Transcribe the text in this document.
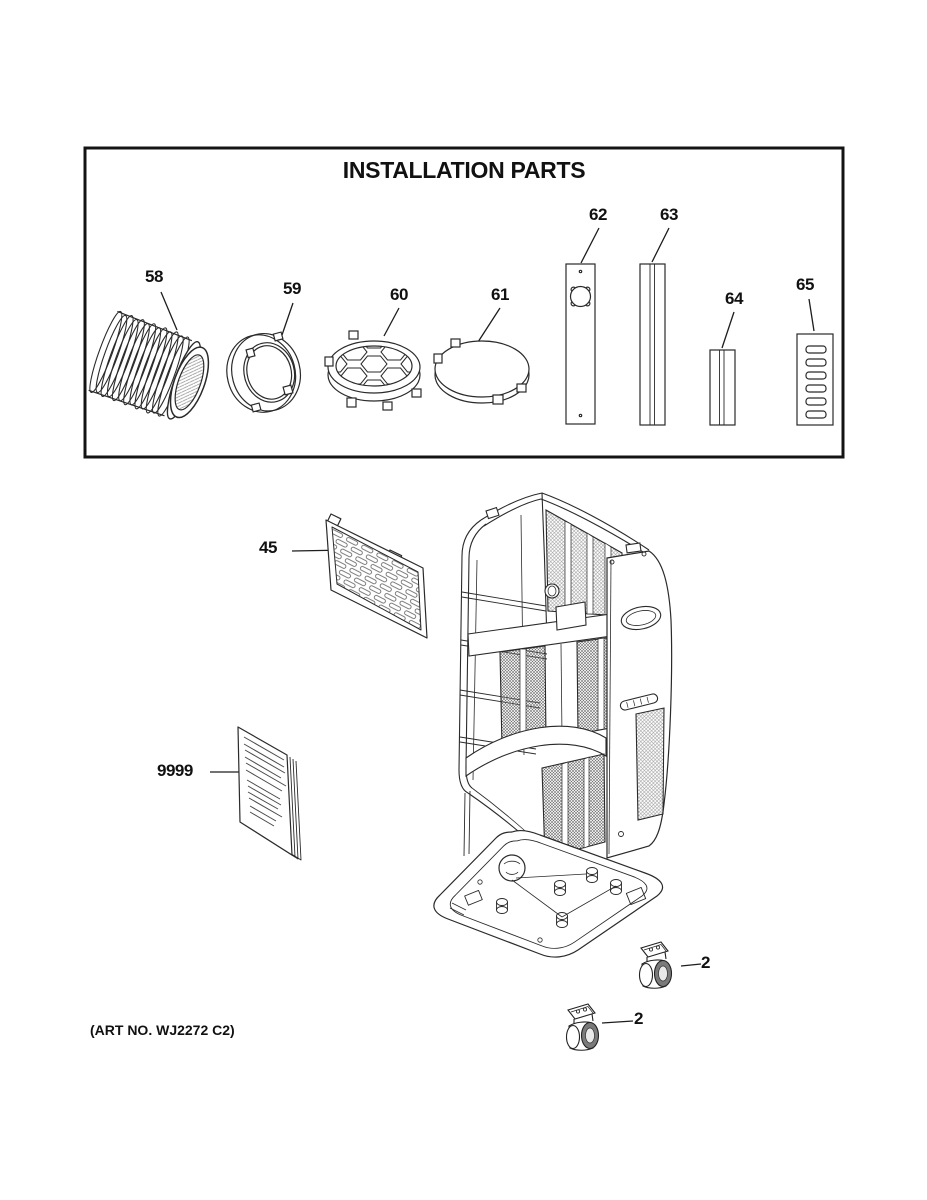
INSTALLATION PARTS
58
59	60	61
62	63
64
65
45
9999
2
2
(ART NO. WJ2272 C2)
